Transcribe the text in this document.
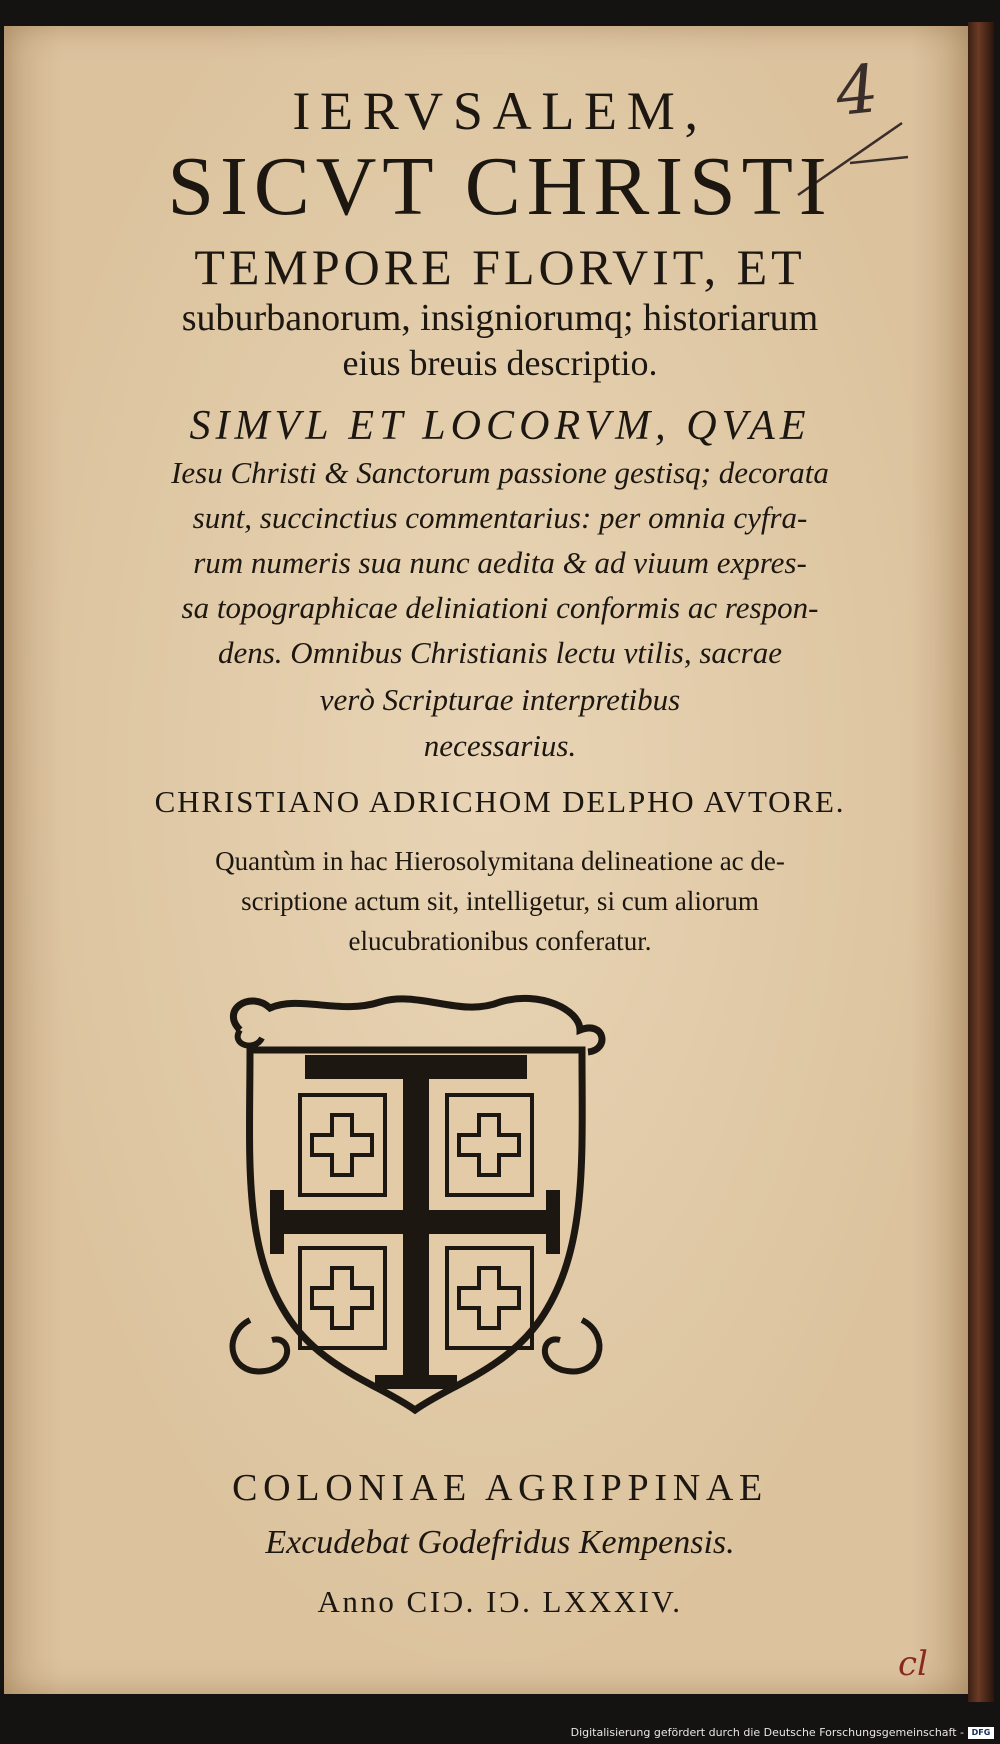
4
IERVSALEM,
SICVT CHRISTI
TEMPORE FLORVIT, ET
suburbanorum, insigniorumq; historiarum
eius breuis descriptio.
SIMVL ET LOCORVM, QVAE
Iesu Christi & Sanctorum passione gestisq; decorata
sunt, succinctius commentarius: per omnia cyfra-
rum numeris sua nunc aedita & ad viuum expres-
sa topographicae deliniationi conformis ac respon-
dens. Omnibus Christianis lectu vtilis, sacrae
verò Scripturae interpretibus
necessarius.
CHRISTIANO ADRICHOM DELPHO AVTORE.
Quantùm in hac Hierosolymitana delineatione ac de-
scriptione actum sit, intelligetur, si cum aliorum
elucubrationibus conferatur.
COLONIAE AGRIPPINAE
Excudebat Godefridus Kempensis.
Anno CIƆ. IƆ. LXXXIV.
cl
Digitalisierung gefördert durch die Deutsche Forschungsgemeinschaft - DFG
